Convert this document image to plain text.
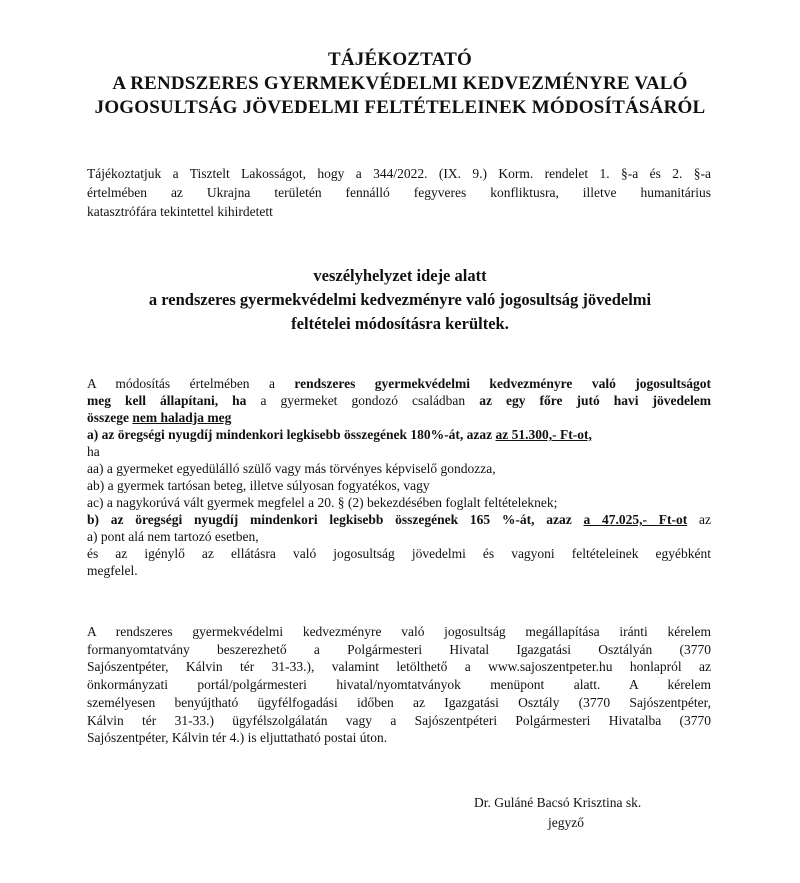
TÁJÉKOZTATÓ
A RENDSZERES GYERMEKVÉDELMI KEDVEZMÉNYRE VALÓ
JOGOSULTSÁG JÖVEDELMI FELTÉTELEINEK MÓDOSÍTÁSÁRÓL
Tájékoztatjuk a Tisztelt Lakosságot, hogy a 344/2022. (IX. 9.) Korm. rendelet 1. §-a és 2. §-a
értelmében az Ukrajna területén fennálló fegyveres konfliktusra, illetve humanitárius
katasztrófára tekintettel kihirdetett
veszélyhelyzet ideje alatt
a rendszeres gyermekvédelmi kedvezményre való jogosultság jövedelmi
feltételei módosításra kerültek.
A módosítás értelmében a rendszeres gyermekvédelmi kedvezményre való jogosultságot
meg kell állapítani, ha a gyermeket gondozó családban az egy főre jutó havi jövedelem
összege nem haladja meg
a) az öregségi nyugdíj mindenkori legkisebb összegének 180%-át, azaz az 51.300,- Ft-ot,
ha
aa) a gyermeket egyedülálló szülő vagy más törvényes képviselő gondozza,
ab) a gyermek tartósan beteg, illetve súlyosan fogyatékos, vagy
ac) a nagykorúvá vált gyermek megfelel a 20. § (2) bekezdésében foglalt feltételeknek;
b) az öregségi nyugdíj mindenkori legkisebb összegének 165 %-át, azaz a 47.025,- Ft-ot az
a) pont alá nem tartozó esetben,
és az igénylő az ellátásra való jogosultság jövedelmi és vagyoni feltételeinek egyébként
megfelel.
A rendszeres gyermekvédelmi kedvezményre való jogosultság megállapítása iránti kérelem
formanyomtatvány beszerezhető a Polgármesteri Hivatal Igazgatási Osztályán (3770
Sajószentpéter, Kálvin tér 31-33.), valamint letölthető a www.sajoszentpeter.hu honlapról az
önkormányzati portál/polgármesteri hivatal/nyomtatványok menüpont alatt. A kérelem
személyesen benyújtható ügyfélfogadási időben az Igazgatási Osztály (3770 Sajószentpéter,
Kálvin tér 31-33.) ügyfélszolgálatán vagy a Sajószentpéteri Polgármesteri Hivatalba (3770
Sajószentpéter, Kálvin tér 4.) is eljuttatható postai úton.
Dr. Guláné Bacsó Krisztina sk.
jegyző
